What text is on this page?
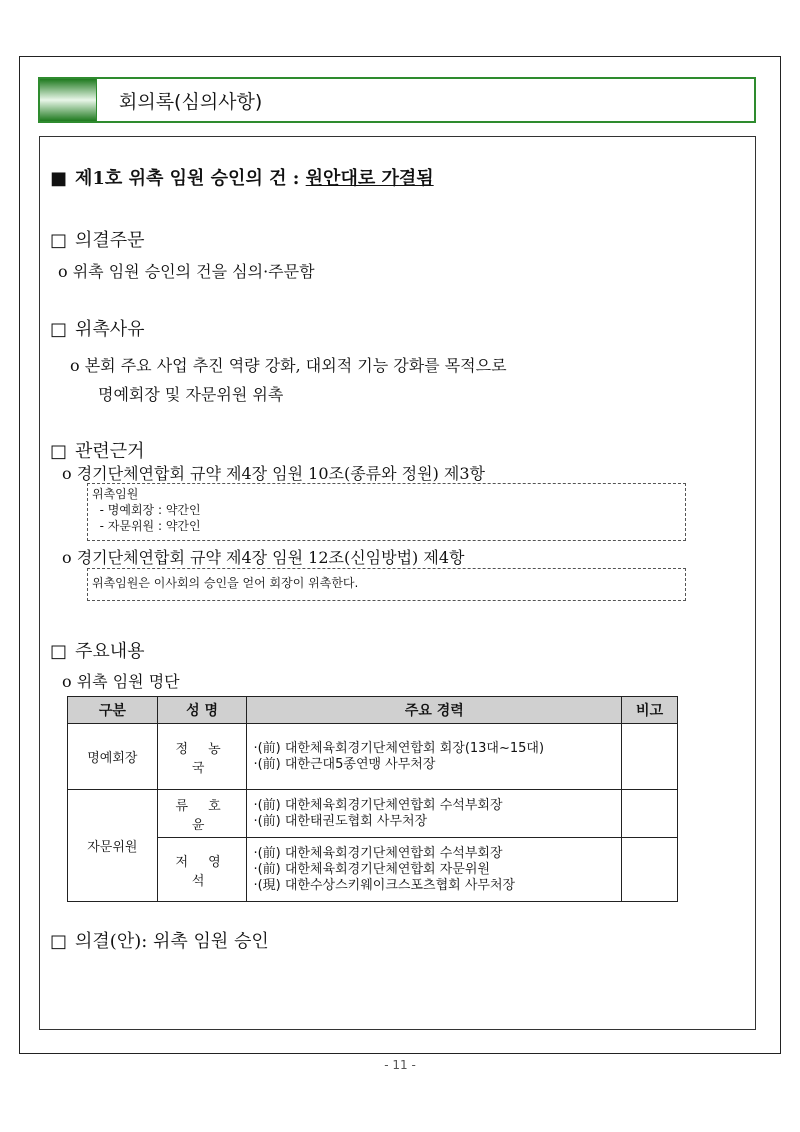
회의록(심의사항)
■ 제1호 위촉 임원 승인의 건 : 원안대로 가결됨
□ 의결주문
o 위촉 임원 승인의 건을 심의·주문함
□ 위촉사유
o 본회 주요 사업 추진 역량 강화, 대외적 기능 강화를 목적으로
명예회장 및 자문위원 위촉
□ 관련근거
o 경기단체연합회 규약 제4장 임원 10조(종류와 정원) 제3항
위촉임원
- 명예회장 : 약간인
- 자문위원 : 약간인
o 경기단체연합회 규약 제4장 임원 12조(신임방법) 제4항
위촉임원은 이사회의 승인을 얻어 회장이 위촉한다.
□ 주요내용
o 위촉 임원 명단
구분	성 명	주요 경력	비고
명예회장	정 농 국	·(前) 대한체육회경기단체연합회 회장(13대~15대)
·(前) 대한근대5종연맹 사무처장	

자문위원	류 호 윤	·(前) 대한체육회경기단체연합회 수석부회장
·(前) 대한태권도협회 사무처장	

	저 영 석	·(前) 대한체육회경기단체연합회 수석부회장
·(前) 대한체육회경기단체연합회 자문위원
·(現) 대한수상스키웨이크스포츠협회 사무처장	

□ 의결(안): 위촉 임원 승인
- 11 -
